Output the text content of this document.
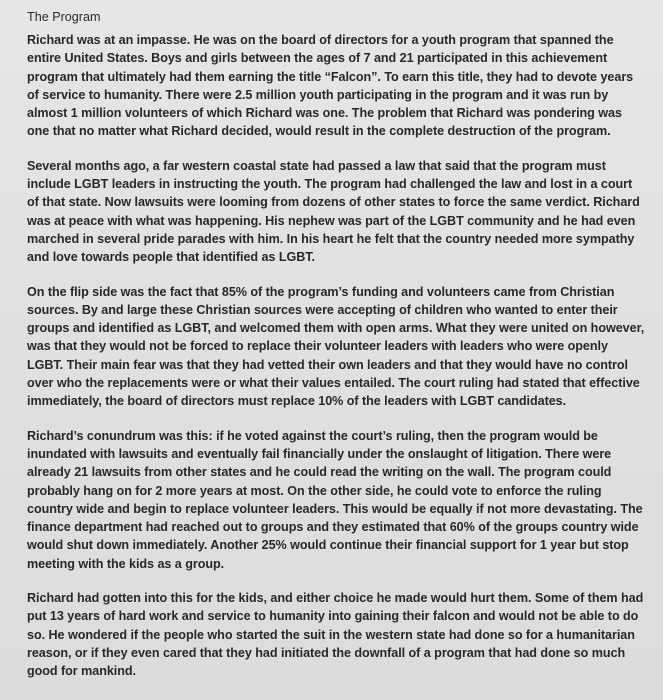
The Program

Richard was at an impasse. He was on the board of directors for a youth program that spanned the entire United States. Boys and girls between the ages of 7 and 21 participated in this achievement program that ultimately had them earning the title “Falcon”. To earn this title, they had to devote years of service to humanity. There were 2.5 million youth participating in the program and it was run by almost 1 million volunteers of which Richard was one. The problem that Richard was pondering was one that no matter what Richard decided, would result in the complete destruction of the program.

Several months ago, a far western coastal state had passed a law that said that the program must include LGBT leaders in instructing the youth. The program had challenged the law and lost in a court of that state. Now lawsuits were looming from dozens of other states to force the same verdict. Richard was at peace with what was happening. His nephew was part of the LGBT community and he had even marched in several pride parades with him. In his heart he felt that the country needed more sympathy and love towards people that identified as LGBT.

On the flip side was the fact that 85% of the program’s funding and volunteers came from Christian sources. By and large these Christian sources were accepting of children who wanted to enter their groups and identified as LGBT, and welcomed them with open arms. What they were united on however, was that they would not be forced to replace their volunteer leaders with leaders who were openly LGBT. Their main fear was that they had vetted their own leaders and that they would have no control over who the replacements were or what their values entailed. The court ruling had stated that effective immediately, the board of directors must replace 10% of the leaders with LGBT candidates.

Richard’s conundrum was this: if he voted against the court’s ruling, then the program would be inundated with lawsuits and eventually fail financially under the onslaught of litigation. There were already 21 lawsuits from other states and he could read the writing on the wall. The program could probably hang on for 2 more years at most. On the other side, he could vote to enforce the ruling country wide and begin to replace volunteer leaders. This would be equally if not more devastating. The finance department had reached out to groups and they estimated that 60% of the groups country wide would shut down immediately. Another 25% would continue their financial support for 1 year but stop meeting with the kids as a group.

Richard had gotten into this for the kids, and either choice he made would hurt them. Some of them had put 13 years of hard work and service to humanity into gaining their falcon and would not be able to do so. He wondered if the people who started the suit in the western state had done so for a humanitarian reason, or if they even cared that they had initiated the downfall of a program that had done so much good for mankind.
